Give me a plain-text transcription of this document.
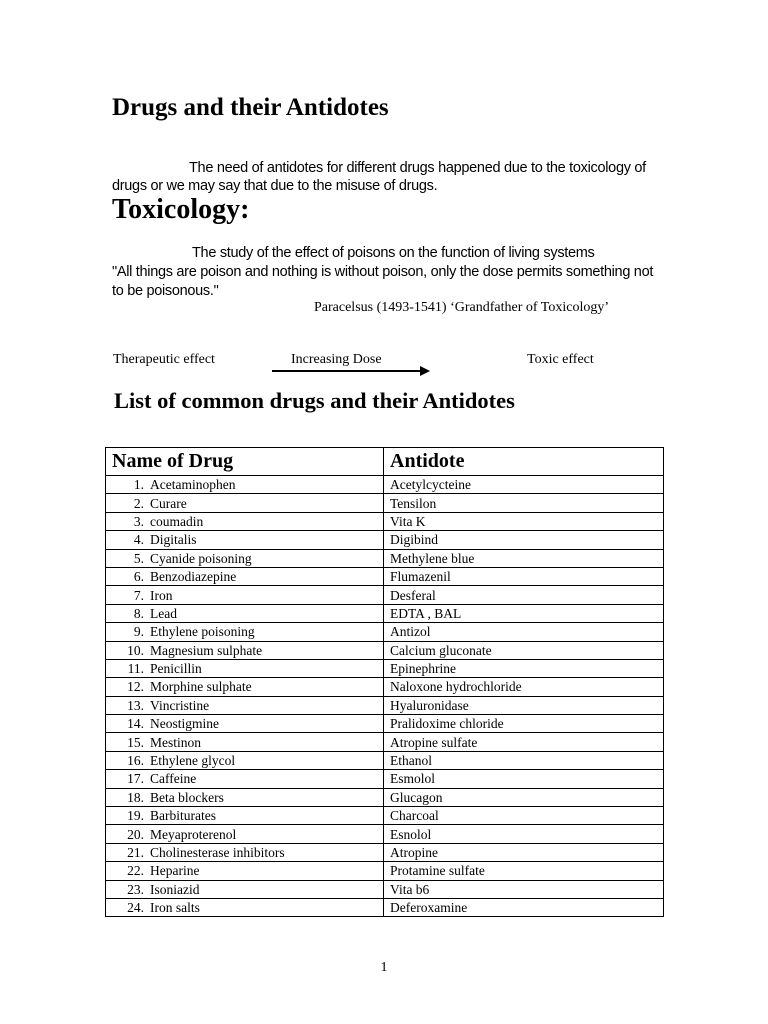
Drugs and their Antidotes

The need of antidotes for different drugs happened due to the toxicology of

drugs or we may say that due to the misuse of drugs.

Toxicology:

The study of the effect of poisons on the function of living systems

"All things are poison and nothing is without poison, only the dose permits something not

to be poisonous."

Paracelsus (1493-1541) ‘Grandfather of Toxicology’

Therapeutic effect	Increasing Dose	Toxic effect
List of common drugs and their Antidotes
Name of Drug	Antidote
1. Acetaminophen	Acetylcycteine
2. Curare	Tensilon
3. coumadin	Vita K
4. Digitalis	Digibind
5. Cyanide poisoning	Methylene blue
6. Benzodiazepine	Flumazenil
7. Iron	Desferal
8. Lead	EDTA , BAL
9. Ethylene poisoning	Antizol
10. Magnesium sulphate	Calcium gluconate
11. Penicillin	Epinephrine
12. Morphine sulphate	Naloxone hydrochloride
13. Vincristine	Hyaluronidase
14. Neostigmine	Pralidoxime chloride
15. Mestinon	Atropine sulfate
16. Ethylene glycol	Ethanol
17. Caffeine	Esmolol
18. Beta blockers	Glucagon
19. Barbiturates	Charcoal
20. Meyaproterenol	Esnolol
21. Cholinesterase inhibitors	Atropine
22. Heparine	Protamine sulfate
23. Isoniazid	Vita b6
24. Iron salts	Deferoxamine

1
